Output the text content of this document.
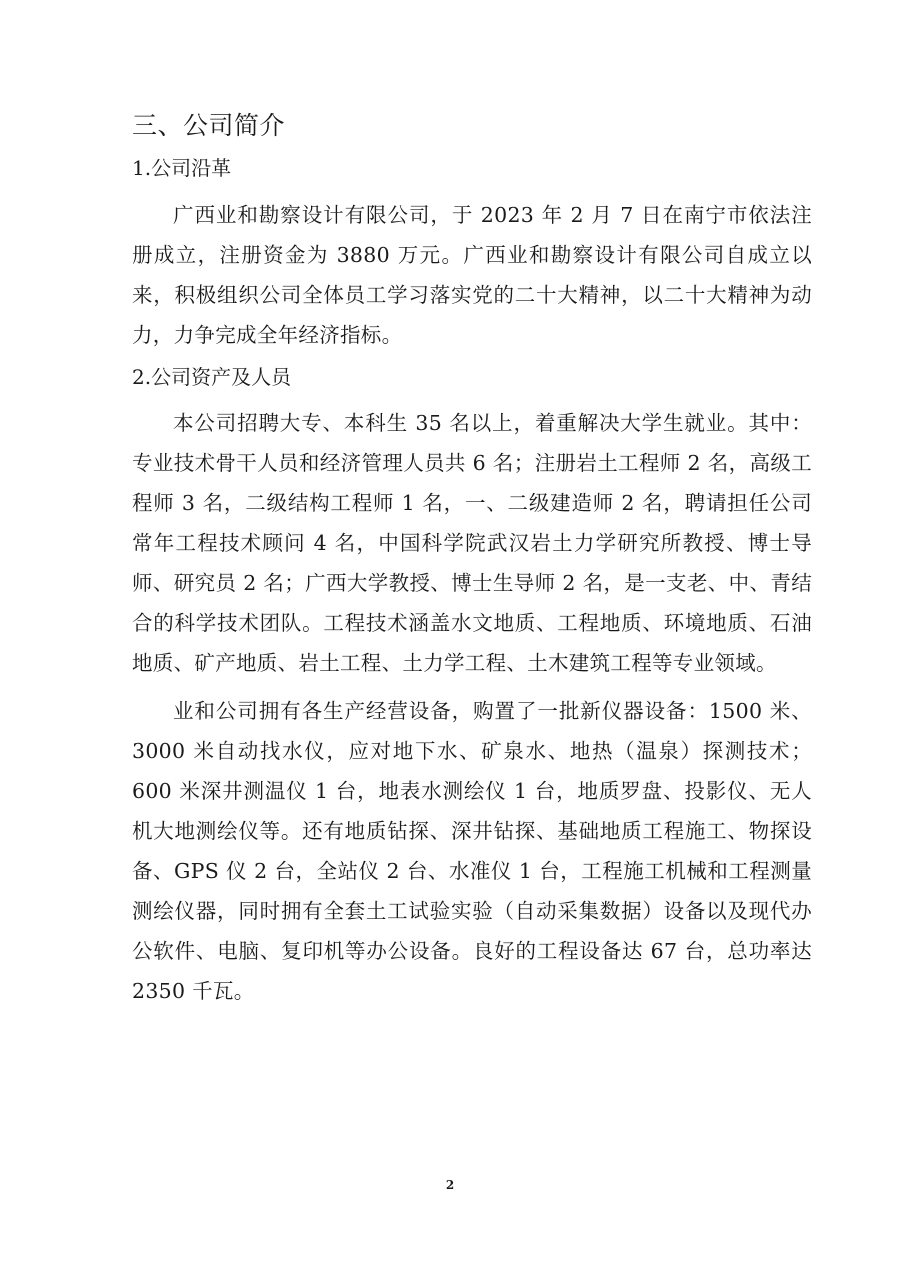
三、公司简介
1.公司沿革

广西业和勘察设计有限公司，于 2023 年 2 月 7 日在南宁市依法注册成立，注册资金为 3880 万元。广西业和勘察设计有限公司自成立以来，积极组织公司全体员工学习落实党的二十大精神，以二十大精神为动力，力争完成全年经济指标。

2.公司资产及人员

本公司招聘大专、本科生 35 名以上，着重解决大学生就业。其中：专业技术骨干人员和经济管理人员共 6 名；注册岩土工程师 2 名，高级工程师 3 名，二级结构工程师 1 名，一、二级建造师 2 名，聘请担任公司常年工程技术顾问 4 名，中国科学院武汉岩土力学研究所教授、博士导师、研究员 2 名；广西大学教授、博士生导师 2 名，是一支老、中、青结合的科学技术团队。工程技术涵盖水文地质、工程地质、环境地质、石油地质、矿产地质、岩土工程、土力学工程、土木建筑工程等专业领域。

业和公司拥有各生产经营设备，购置了一批新仪器设备：1500 米、3000 米自动找水仪，应对地下水、矿泉水、地热（温泉）探测技术；600 米深井测温仪 1 台，地表水测绘仪 1 台，地质罗盘、投影仪、无人机大地测绘仪等。还有地质钻探、深井钻探、基础地质工程施工、物探设备、GPS 仪 2 台，全站仪 2 台、水准仪 1 台，工程施工机械和工程测量测绘仪器，同时拥有全套土工试验实验（自动采集数据）设备以及现代办公软件、电脑、复印机等办公设备。良好的工程设备达 67 台，总功率达 2350 千瓦。

2
